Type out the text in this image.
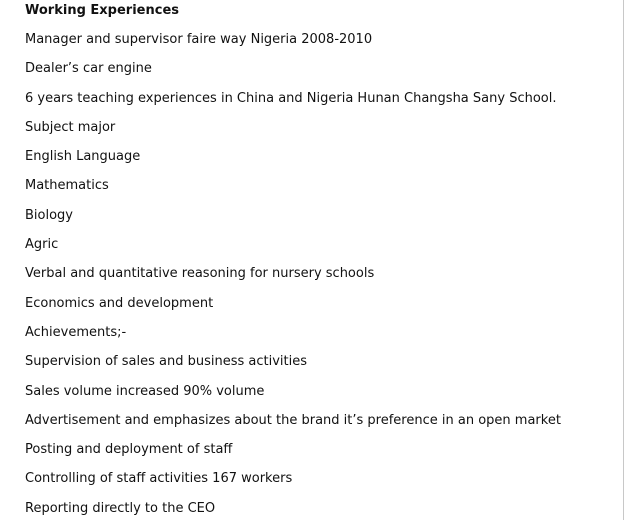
Working Experiences
Manager and supervisor faire way Nigeria 2008-2010
Dealer’s car engine
6 years teaching experiences in China and Nigeria Hunan Changsha Sany School.
Subject major
English Language
Mathematics
Biology
Agric
Verbal and quantitative reasoning for nursery schools
Economics and development
Achievements;-
Supervision of sales and business activities
Sales volume increased 90% volume
Advertisement and emphasizes about the brand it’s preference in an open market
Posting and deployment of staff
Controlling of staff activities 167 workers
Reporting directly to the CEO
